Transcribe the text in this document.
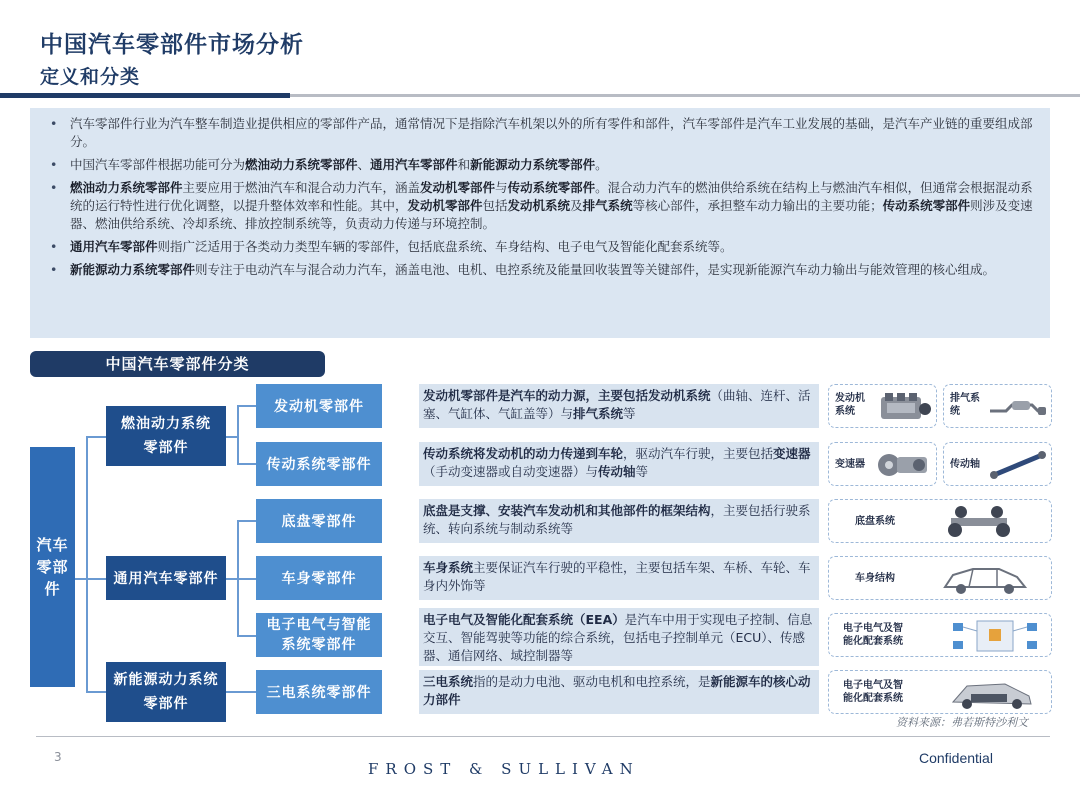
中国汽车零部件市场分析
定义和分类
• 汽车零部件行业为汽车整车制造业提供相应的零部件产品，通常情况下是指除汽车机架以外的所有零件和部件，汽车零部件是汽车工业发展的基础，是汽车产业链的重要组成部分。
• 中国汽车零部件根据功能可分为燃油动力系统零部件、通用汽车零部件和新能源动力系统零部件。
• 燃油动力系统零部件主要应用于燃油汽车和混合动力汽车，涵盖发动机零部件与传动系统零部件。混合动力汽车的燃油供给系统在结构上与燃油汽车相似，但通常会根据混动系统的运行特性进行优化调整，以提升整体效率和性能。其中，发动机零部件包括发动机系统及排气系统等核心部件，承担整车动力输出的主要功能；传动系统零部件则涉及变速器、燃油供给系统、冷却系统、排放控制系统等，负责动力传递与环境控制。
• 通用汽车零部件则指广泛适用于各类动力类型车辆的零部件，包括底盘系统、车身结构、电子电气及智能化配套系统等。
• 新能源动力系统零部件则专注于电动汽车与混合动力汽车，涵盖电池、电机、电控系统及能量回收装置等关键部件，是实现新能源汽车动力输出与能效管理的核心组成。
中国汽车零部件分类
汽车
零部
件
燃油动力系统
零部件
通用汽车零部件
新能源动力系统
零部件
发动机零部件
传动系统零部件
底盘零部件
车身零部件
电子电气与智能
系统零部件
三电系统零部件
发动机零部件是汽车的动力源，主要包括发动机系统（曲轴、连杆、活塞、气缸体、气缸盖等）与排气系统等
传动系统将发动机的动力传递到车轮，驱动汽车行驶，主要包括变速器（手动变速器或自动变速器）与传动轴等
底盘是支撑、安装汽车发动机和其他部件的框架结构，主要包括行驶系统、转向系统与制动系统等
车身系统主要保证汽车行驶的平稳性，主要包括车架、车桥、车轮、车身内外饰等
电子电气及智能化配套系统（EEA）是汽车中用于实现电子控制、信息交互、智能驾驶等功能的综合系统，包括电子控制单元（ECU）、传感器、通信网络、域控制器等
三电系统指的是动力电池、驱动电机和电控系统，是新能源车的核心动力部件
发动机
系统
排气系
统
变速器	传动轴
底盘系统
车身结构
电子电气及智
能化配套系统
电子电气及智
能化配套系统
资料来源：弗若斯特沙利文
3
FROST & SULLIVAN
Confidential
